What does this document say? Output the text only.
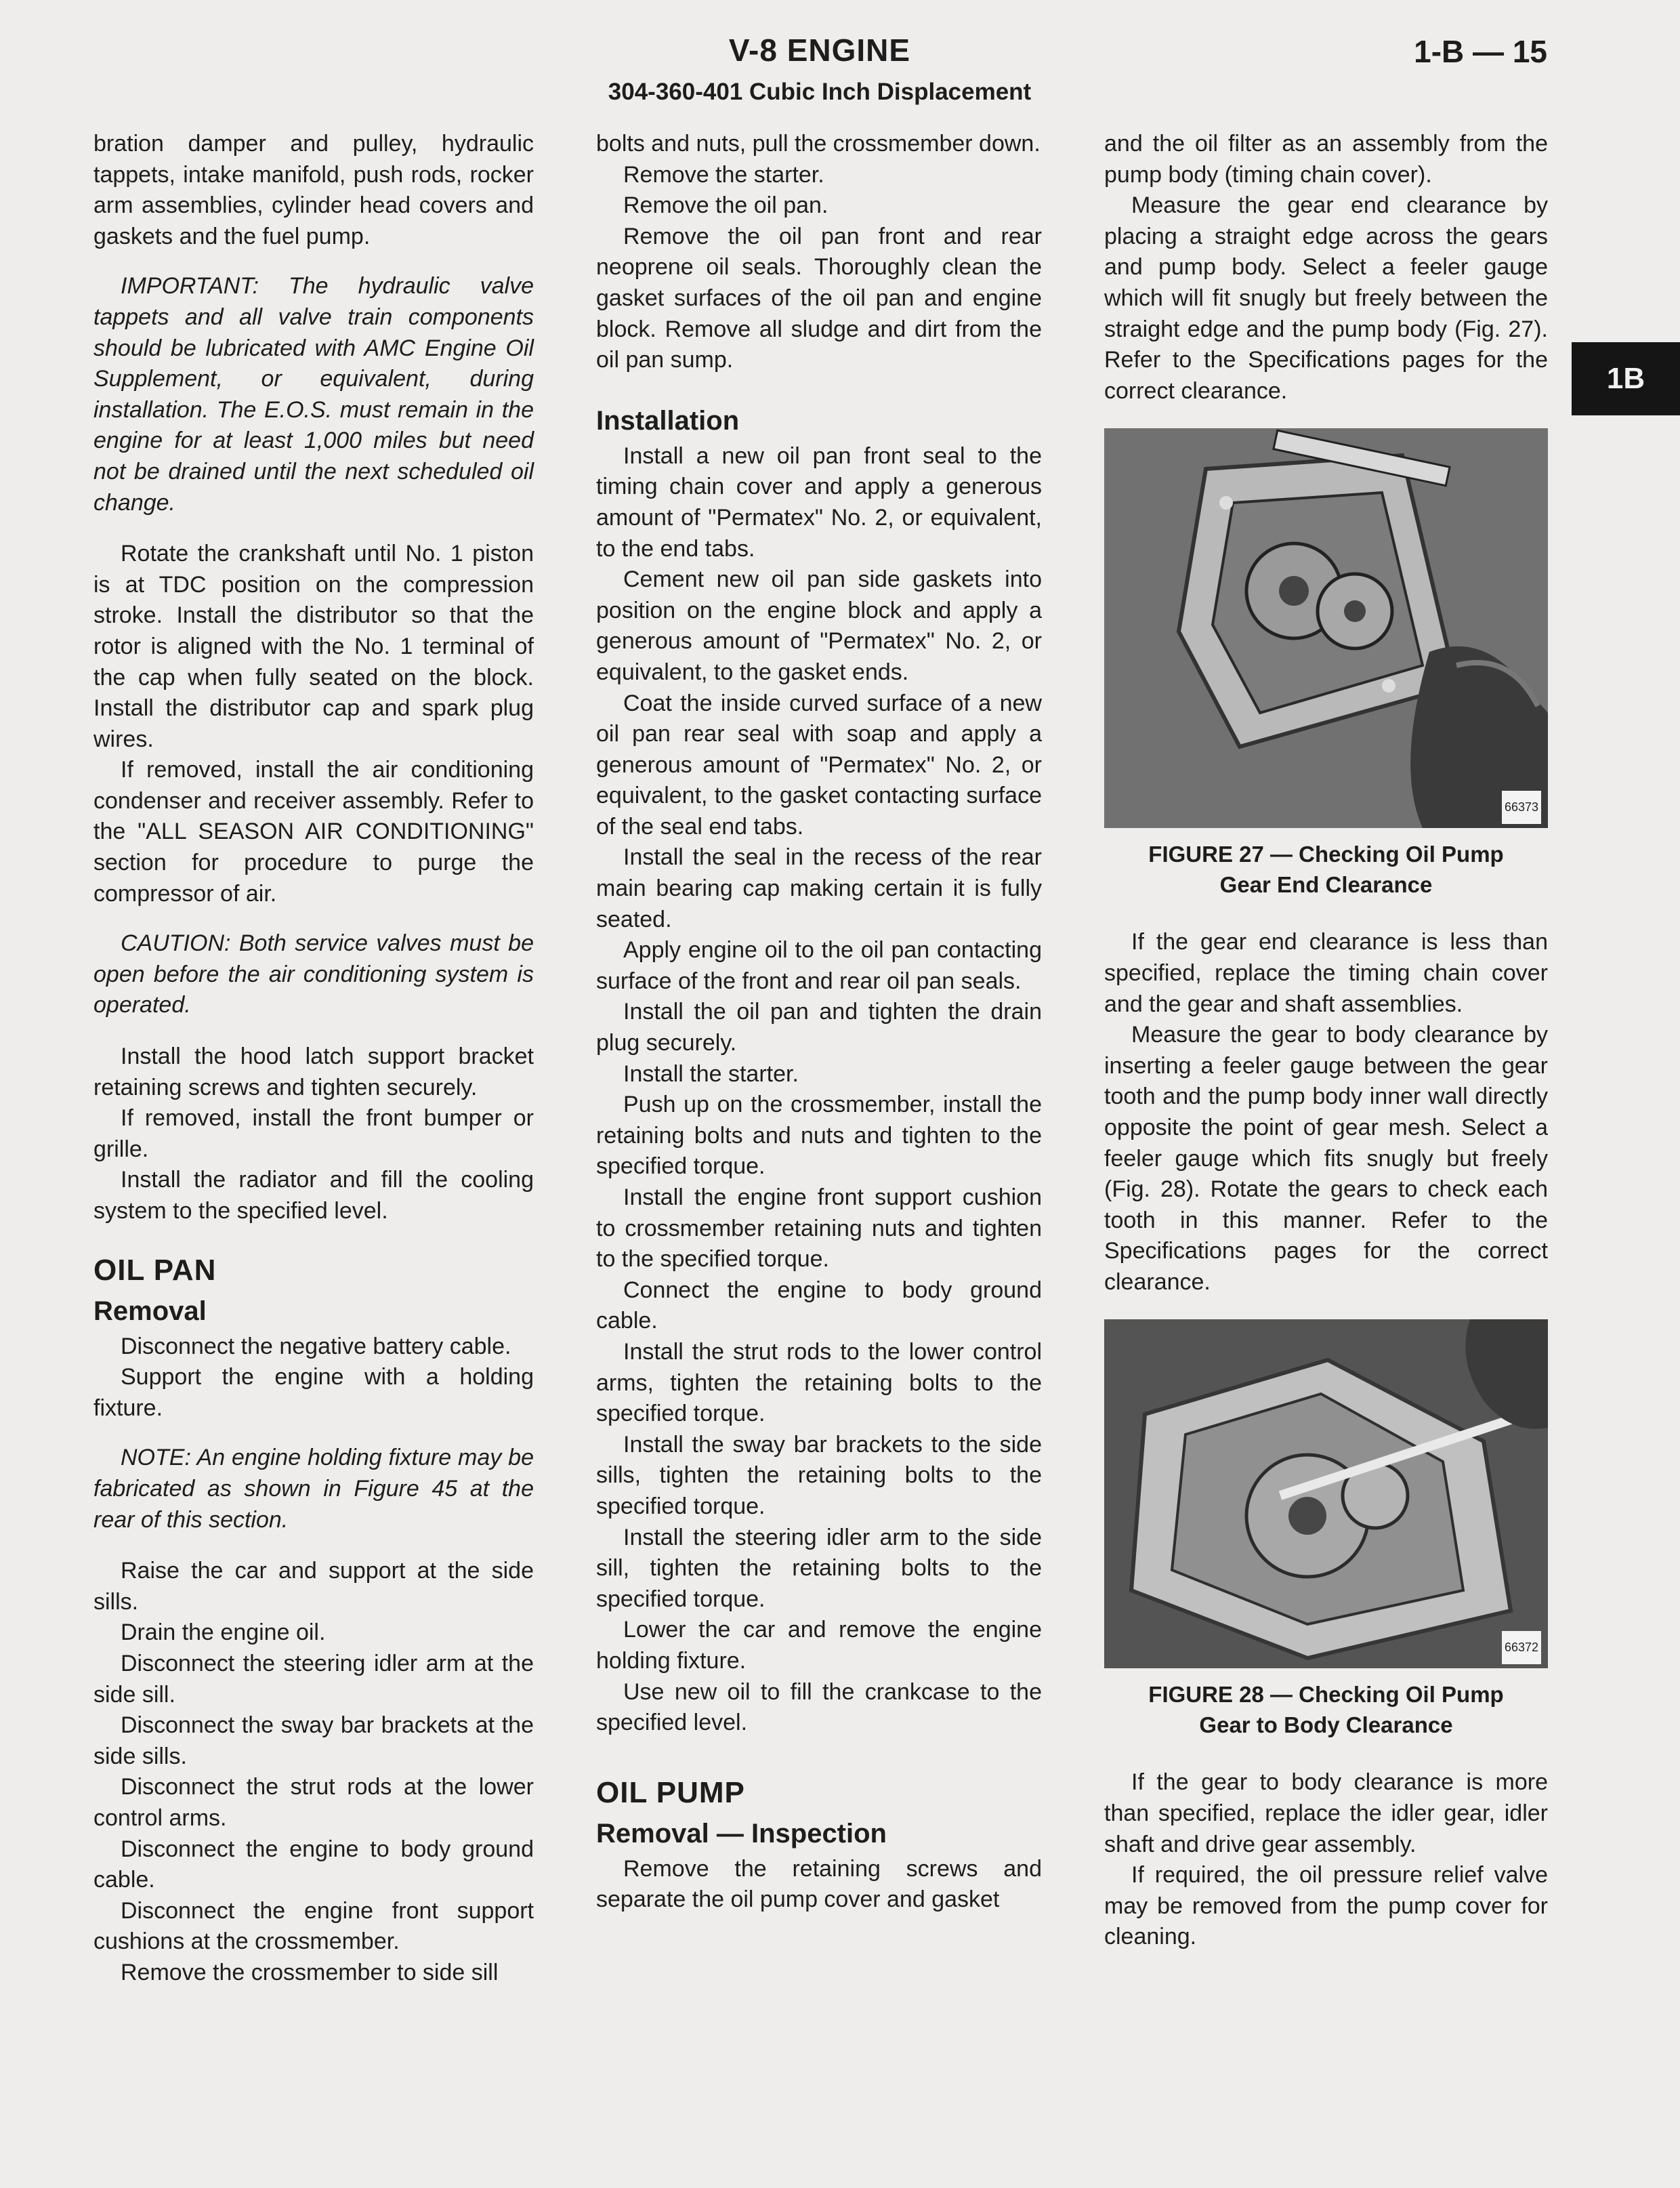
V-8 ENGINE
304-360-401 Cubic Inch Displacement
1-B — 15
1B

bration damper and pulley, hydraulic tappets, intake manifold, push rods, rocker arm assemblies, cylinder head covers and gaskets and the fuel pump.

IMPORTANT: The hydraulic valve tappets and all valve train components should be lubricated with AMC Engine Oil Supplement, or equivalent, during installation. The E.O.S. must remain in the engine for at least 1,000 miles but need not be drained until the next scheduled oil change.

Rotate the crankshaft until No. 1 piston is at TDC position on the compression stroke. Install the distributor so that the rotor is aligned with the No. 1 terminal of the cap when fully seated on the block. Install the distributor cap and spark plug wires.

If removed, install the air conditioning condenser and receiver assembly. Refer to the "ALL SEASON AIR CONDITIONING" section for procedure to purge the compressor of air.

CAUTION: Both service valves must be open before the air conditioning system is operated.

Install the hood latch support bracket retaining screws and tighten securely.

If removed, install the front bumper or grille.

Install the radiator and fill the cooling system to the specified level.

OIL PAN
Removal

Disconnect the negative battery cable.

Support the engine with a holding fixture.

NOTE: An engine holding fixture may be fabricated as shown in Figure 45 at the rear of this section.

Raise the car and support at the side sills.

Drain the engine oil.

Disconnect the steering idler arm at the side sill.

Disconnect the sway bar brackets at the side sills.

Disconnect the strut rods at the lower control arms.

Disconnect the engine to body ground cable.

Disconnect the engine front support cushions at the crossmember.

Remove the crossmember to side sill

bolts and nuts, pull the crossmember down.

Remove the starter.

Remove the oil pan.

Remove the oil pan front and rear neoprene oil seals. Thoroughly clean the gasket surfaces of the oil pan and engine block. Remove all sludge and dirt from the oil pan sump.

Installation

Install a new oil pan front seal to the timing chain cover and apply a generous amount of "Permatex" No. 2, or equivalent, to the end tabs.

Cement new oil pan side gaskets into position on the engine block and apply a generous amount of "Permatex" No. 2, or equivalent, to the gasket ends.

Coat the inside curved surface of a new oil pan rear seal with soap and apply a generous amount of "Permatex" No. 2, or equivalent, to the gasket contacting surface of the seal end tabs.

Install the seal in the recess of the rear main bearing cap making certain it is fully seated.

Apply engine oil to the oil pan contacting surface of the front and rear oil pan seals.

Install the oil pan and tighten the drain plug securely.

Install the starter.

Push up on the crossmember, install the retaining bolts and nuts and tighten to the specified torque.

Install the engine front support cushion to crossmember retaining nuts and tighten to the specified torque.

Connect the engine to body ground cable.

Install the strut rods to the lower control arms, tighten the retaining bolts to the specified torque.

Install the sway bar brackets to the side sills, tighten the retaining bolts to the specified torque.

Install the steering idler arm to the side sill, tighten the retaining bolts to the specified torque.

Lower the car and remove the engine holding fixture.

Use new oil to fill the crankcase to the specified level.

OIL PUMP
Removal — Inspection

Remove the retaining screws and separate the oil pump cover and gasket

and the oil filter as an assembly from the pump body (timing chain cover).

Measure the gear end clearance by placing a straight edge across the gears and pump body. Select a feeler gauge which will fit snugly but freely between the straight edge and the pump body (Fig. 27). Refer to the Specifications pages for the correct clearance.

66373
FIGURE 27 — Checking Oil Pump
Gear End Clearance

If the gear end clearance is less than specified, replace the timing chain cover and the gear and shaft assemblies.

Measure the gear to body clearance by inserting a feeler gauge between the gear tooth and the pump body inner wall directly opposite the point of gear mesh. Select a feeler gauge which fits snugly but freely (Fig. 28). Rotate the gears to check each tooth in this manner. Refer to the Specifications pages for the correct clearance.

66372
FIGURE 28 — Checking Oil Pump
Gear to Body Clearance

If the gear to body clearance is more than specified, replace the idler gear, idler shaft and drive gear assembly.

If required, the oil pressure relief valve may be removed from the pump cover for cleaning.
